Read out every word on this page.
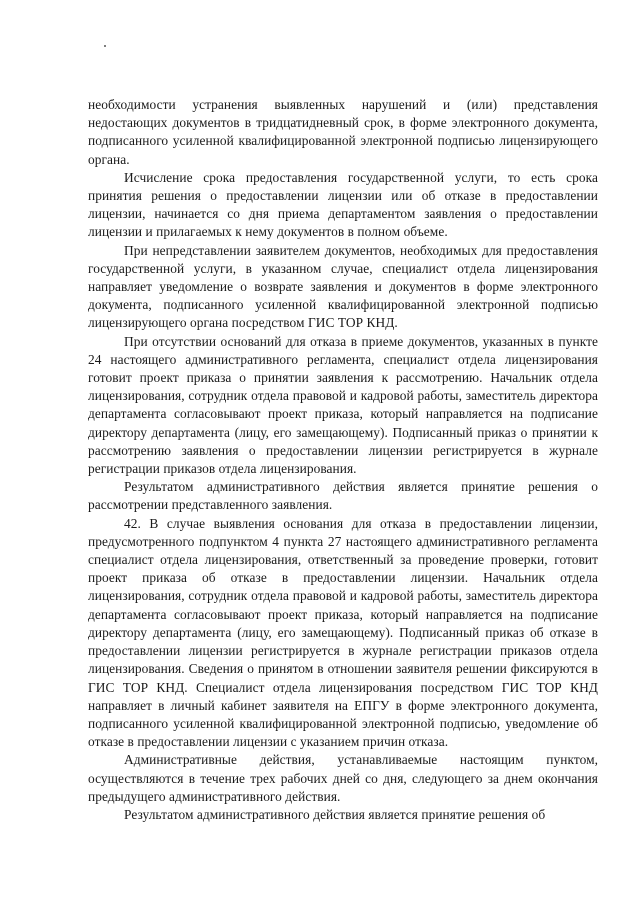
необходимости устранения выявленных нарушений и (или) представления недостающих документов в тридцатидневный срок, в форме электронного документа, подписанного усиленной квалифицированной электронной подписью лицензирующего органа.

Исчисление срока предоставления государственной услуги, то есть срока принятия решения о предоставлении лицензии или об отказе в предоставлении лицензии, начинается со дня приема департаментом заявления о предоставлении лицензии и прилагаемых к нему документов в полном объеме.

При непредставлении заявителем документов, необходимых для предоставления государственной услуги, в указанном случае, специалист отдела лицензирования направляет уведомление о возврате заявления и документов в форме электронного документа, подписанного усиленной квалифицированной электронной подписью лицензирующего органа посредством ГИС ТОР КНД.

При отсутствии оснований для отказа в приеме документов, указанных в пункте 24 настоящего административного регламента, специалист отдела лицензирования готовит проект приказа о принятии заявления к рассмотрению. Начальник отдела лицензирования, сотрудник отдела правовой и кадровой работы, заместитель директора департамента согласовывают проект приказа, который направляется на подписание директору департамента (лицу, его замещающему). Подписанный приказ о принятии к рассмотрению заявления о предоставлении лицензии регистрируется в журнале регистрации приказов отдела лицензирования.

Результатом административного действия является принятие решения о рассмотрении представленного заявления.

42. В случае выявления основания для отказа в предоставлении лицензии, предусмотренного подпунктом 4 пункта 27 настоящего административного регламента специалист отдела лицензирования, ответственный за проведение проверки, готовит проект приказа об отказе в предоставлении лицензии. Начальник отдела лицензирования, сотрудник отдела правовой и кадровой работы, заместитель директора департамента согласовывают проект приказа, который направляется на подписание директору департамента (лицу, его замещающему). Подписанный приказ об отказе в предоставлении лицензии регистрируется в журнале регистрации приказов отдела лицензирования. Сведения о принятом в отношении заявителя решении фиксируются в ГИС ТОР КНД. Специалист отдела лицензирования посредством ГИС ТОР КНД направляет в личный кабинет заявителя на ЕПГУ в форме электронного документа, подписанного усиленной квалифицированной электронной подписью, уведомление об отказе в предоставлении лицензии с указанием причин отказа.

Административные действия, устанавливаемые настоящим пунктом, осуществляются в течение трех рабочих дней со дня, следующего за днем окончания предыдущего административного действия.

Результатом административного действия является принятие решения об
